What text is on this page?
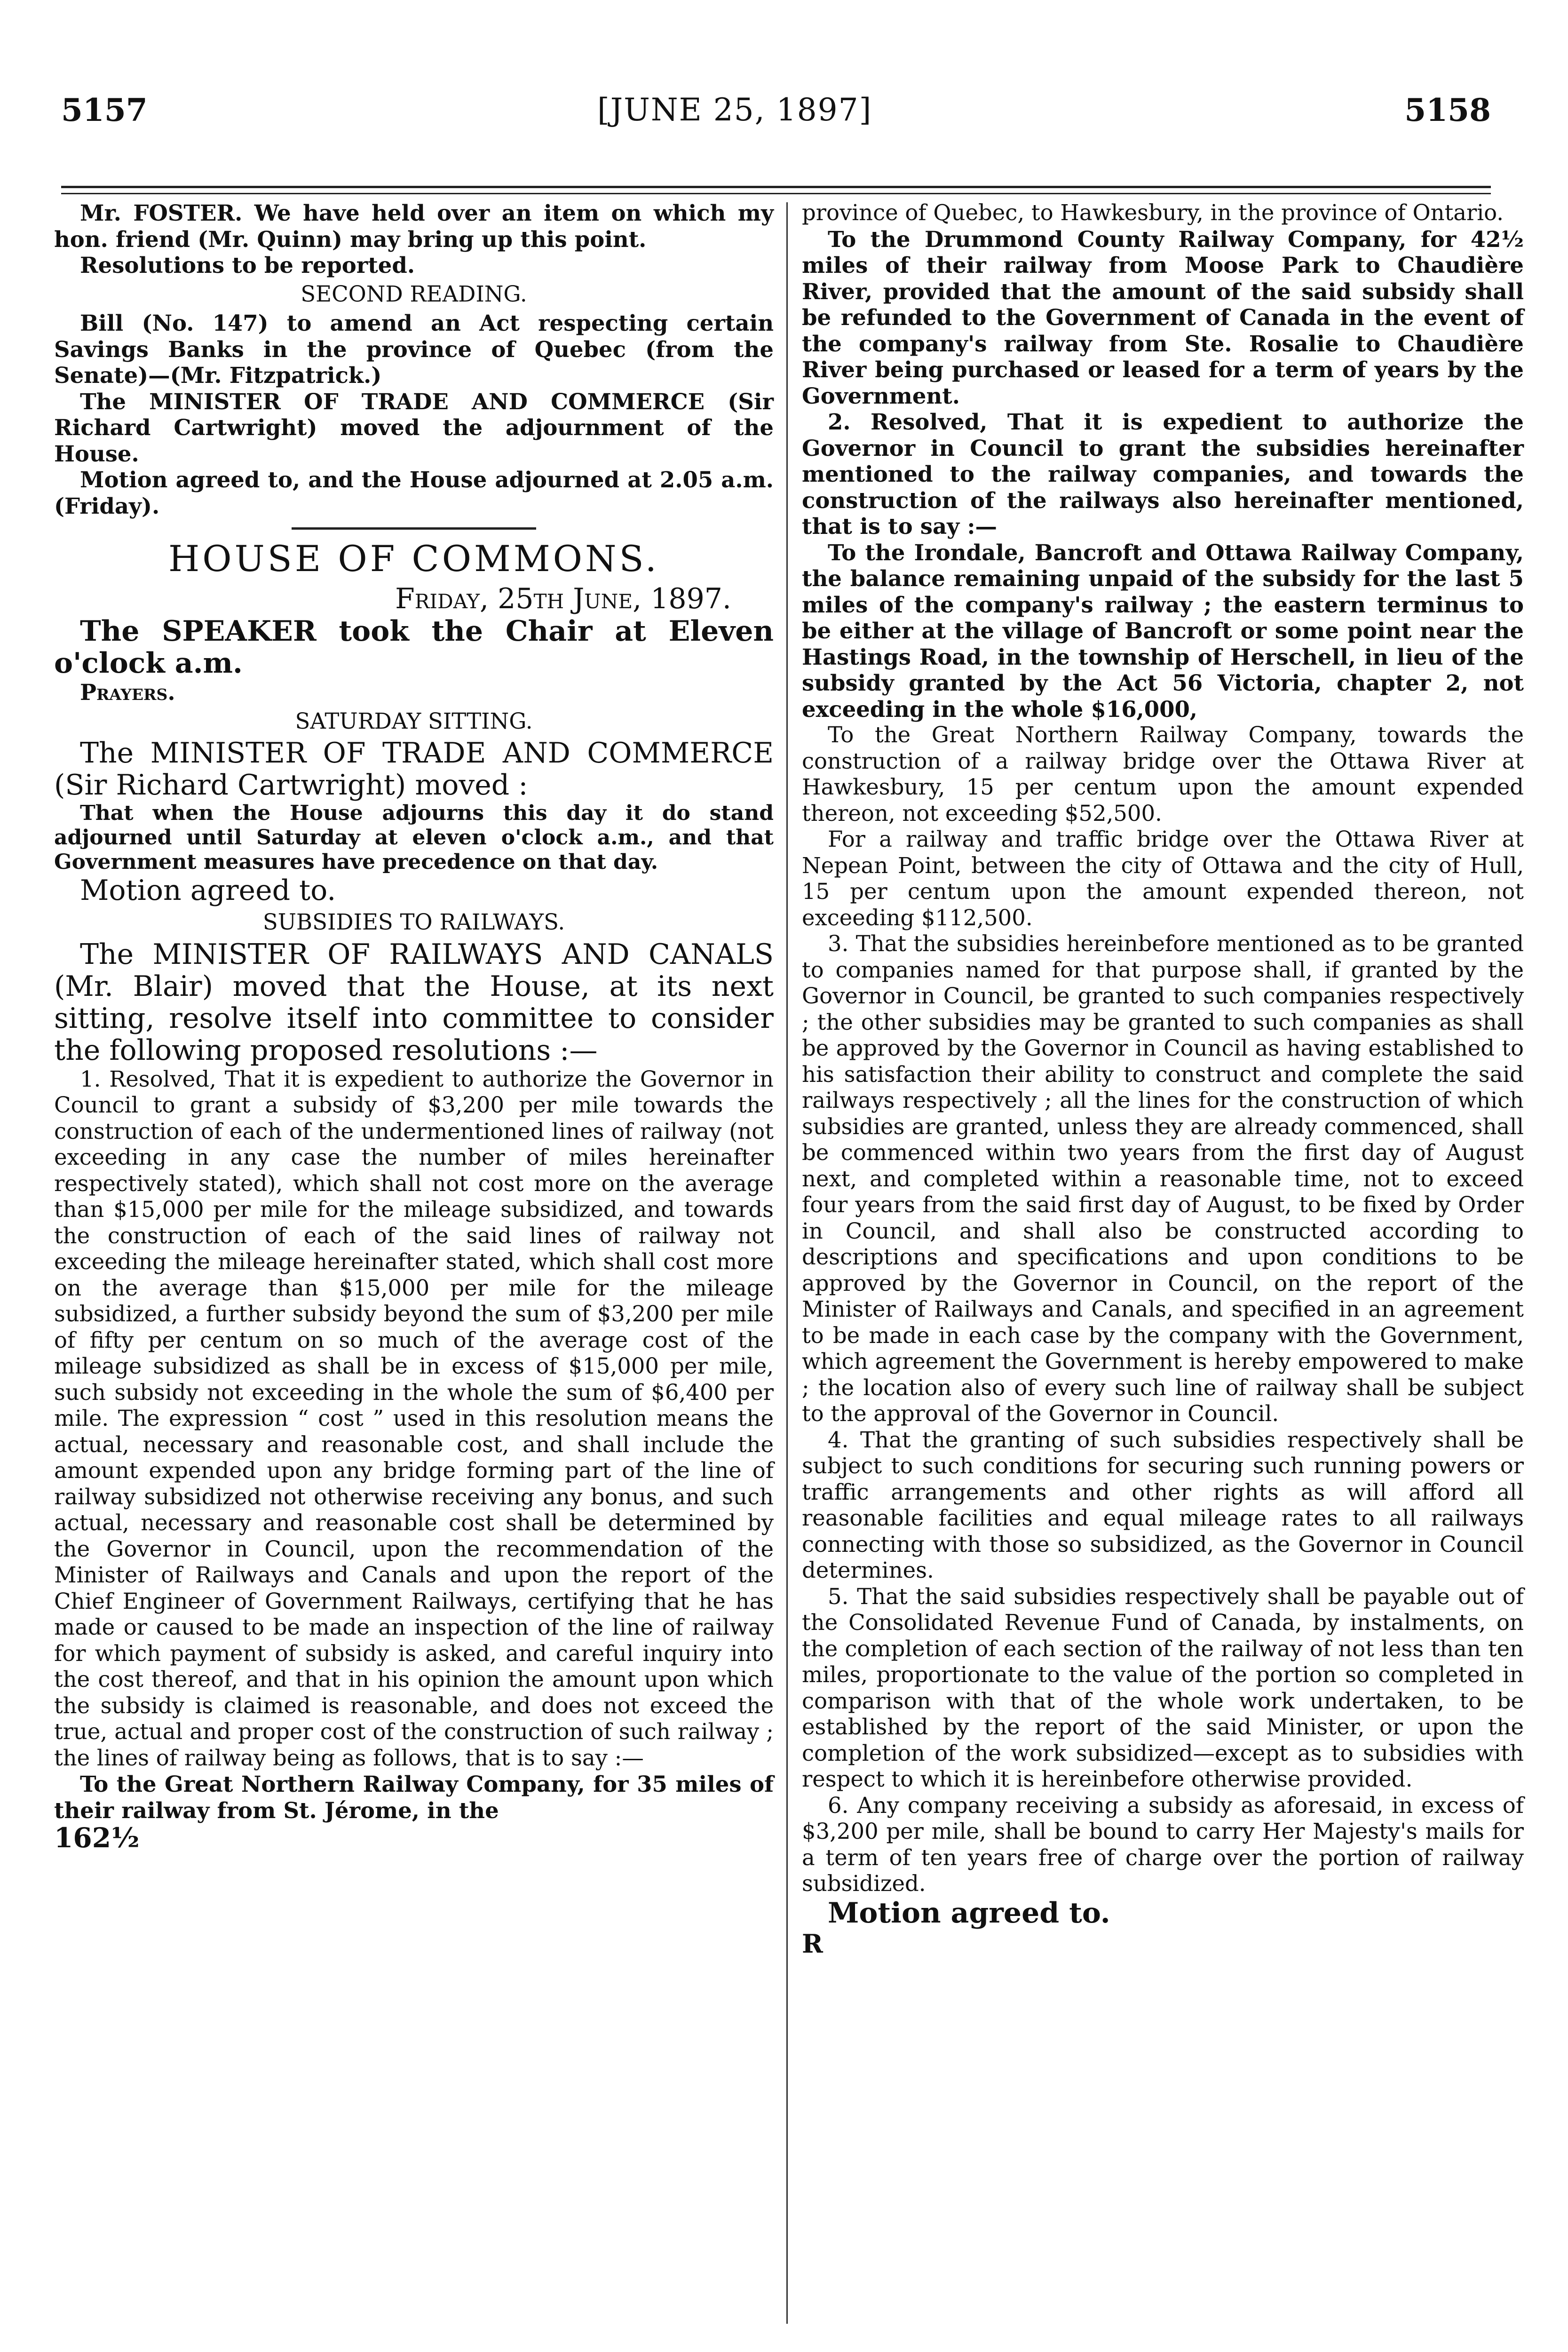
5157	[JUNE 25, 1897]	5158

Mr. FOSTER. We have held over an item on which my hon. friend (Mr. Quinn) may bring up this point.

Resolutions to be reported.

SECOND READING.

Bill (No. 147) to amend an Act respecting certain Savings Banks in the province of Quebec (from the Senate)—(Mr. Fitzpatrick.)

The MINISTER OF TRADE AND COMMERCE (Sir Richard Cartwright) moved the adjournment of the House.

Motion agreed to, and the House adjourned at 2.05 a.m. (Friday).

HOUSE OF COMMONS.

Friday, 25th June, 1897.

The SPEAKER took the Chair at Eleven o'clock a.m.

Prayers.

SATURDAY SITTING.

The MINISTER OF TRADE AND COMMERCE (Sir Richard Cartwright) moved :

That when the House adjourns this day it do stand adjourned until Saturday at eleven o'clock a.m., and that Government measures have precedence on that day.

Motion agreed to.

SUBSIDIES TO RAILWAYS.

The MINISTER OF RAILWAYS AND CANALS (Mr. Blair) moved that the House, at its next sitting, resolve itself into committee to consider the following proposed resolutions :—

1. Resolved, That it is expedient to authorize the Governor in Council to grant a subsidy of $3,200 per mile towards the construction of each of the undermentioned lines of railway (not exceeding in any case the number of miles hereinafter respectively stated), which shall not cost more on the average than $15,000 per mile for the mileage subsidized, and towards the construction of each of the said lines of railway not exceeding the mileage hereinafter stated, which shall cost more on the average than $15,000 per mile for the mileage subsidized, a further subsidy beyond the sum of $3,200 per mile of fifty per centum on so much of the average cost of the mileage subsidized as shall be in excess of $15,000 per mile, such subsidy not exceeding in the whole the sum of $6,400 per mile. The expression “ cost ” used in this resolution means the actual, necessary and reasonable cost, and shall include the amount expended upon any bridge forming part of the line of railway subsidized not otherwise receiving any bonus, and such actual, necessary and reasonable cost shall be determined by the Governor in Council, upon the recommendation of the Minister of Railways and Canals and upon the report of the Chief Engineer of Government Railways, certifying that he has made or caused to be made an inspection of the line of railway for which payment of subsidy is asked, and careful inquiry into the cost thereof, and that in his opinion the amount upon which the subsidy is claimed is reasonable, and does not exceed the true, actual and proper cost of the construction of such railway ; the lines of railway being as follows, that is to say :—

To the Great Northern Railway Company, for 35 miles of their railway from St. Jérome, in the

162½

province of Quebec, to Hawkesbury, in the province of Ontario.

To the Drummond County Railway Company, for 42½ miles of their railway from Moose Park to Chaudière River, provided that the amount of the said subsidy shall be refunded to the Government of Canada in the event of the company's railway from Ste. Rosalie to Chaudière River being purchased or leased for a term of years by the Government.

2. Resolved, That it is expedient to authorize the Governor in Council to grant the subsidies hereinafter mentioned to the railway companies, and towards the construction of the railways also hereinafter mentioned, that is to say :—

To the Irondale, Bancroft and Ottawa Railway Company, the balance remaining unpaid of the subsidy for the last 5 miles of the company's railway ; the eastern terminus to be either at the village of Bancroft or some point near the Hastings Road, in the township of Herschell, in lieu of the subsidy granted by the Act 56 Victoria, chapter 2, not exceeding in the whole $16,000,

To the Great Northern Railway Company, towards the construction of a railway bridge over the Ottawa River at Hawkesbury, 15 per centum upon the amount expended thereon, not exceeding $52,500.

For a railway and traffic bridge over the Ottawa River at Nepean Point, between the city of Ottawa and the city of Hull, 15 per centum upon the amount expended thereon, not exceeding $112,500.

3. That the subsidies hereinbefore mentioned as to be granted to companies named for that purpose shall, if granted by the Governor in Council, be granted to such companies respectively ; the other subsidies may be granted to such companies as shall be approved by the Governor in Council as having established to his satisfaction their ability to construct and complete the said railways respectively ; all the lines for the construction of which subsidies are granted, unless they are already commenced, shall be commenced within two years from the first day of August next, and completed within a reasonable time, not to exceed four years from the said first day of August, to be fixed by Order in Council, and shall also be constructed according to descriptions and specifications and upon conditions to be approved by the Governor in Council, on the report of the Minister of Railways and Canals, and specified in an agreement to be made in each case by the company with the Government, which agreement the Government is hereby empowered to make ; the location also of every such line of railway shall be subject to the approval of the Governor in Council.

4. That the granting of such subsidies respectively shall be subject to such conditions for securing such running powers or traffic arrangements and other rights as will afford all reasonable facilities and equal mileage rates to all railways connecting with those so subsidized, as the Governor in Council determines.

5. That the said subsidies respectively shall be payable out of the Consolidated Revenue Fund of Canada, by instalments, on the completion of each section of the railway of not less than ten miles, proportionate to the value of the portion so completed in comparison with that of the whole work undertaken, to be established by the report of the said Minister, or upon the completion of the work subsidized—except as to subsidies with respect to which it is hereinbefore otherwise provided.

6. Any company receiving a subsidy as aforesaid, in excess of $3,200 per mile, shall be bound to carry Her Majesty's mails for a term of ten years free of charge over the portion of railway subsidized.

Motion agreed to.

R
